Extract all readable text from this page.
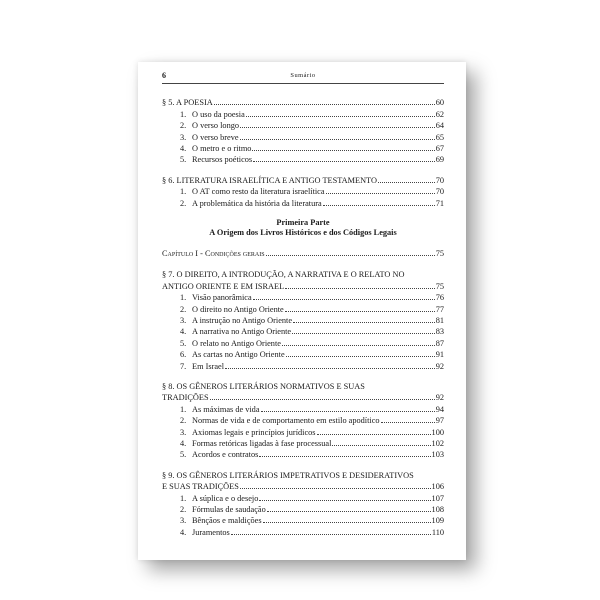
6	Sumário
§ 5. A POESIA	60
1. O uso da poesia	62
2. O verso longo	64
3. O verso breve	65
4. O metro e o ritmo	67
5. Recursos poéticos	69
§ 6. LITERATURA ISRAELÍTICA E ANTIGO TESTAMENTO	70
1. O AT como resto da literatura israelítica	70
2. A problemática da história da literatura	71
Primeira Parte
A Origem dos Livros Históricos e dos Códigos Legais
Capítulo I - Condições gerais	75
§ 7. O DIREITO, A INTRODUÇÃO, A NARRATIVA E O RELATO NO
ANTIGO ORIENTE E EM ISRAEL	75
1. Visão panorâmica	76
2. O direito no Antigo Oriente	77
3. A instrução no Antigo Oriente	81
4. A narrativa no Antigo Oriente	83
5. O relato no Antigo Oriente	87
6. As cartas no Antigo Oriente	91
7. Em Israel	92
§ 8. OS GÊNEROS LITERÁRIOS NORMATIVOS E SUAS
TRADIÇÕES	92
1. As máximas de vida	94
2. Normas de vida e de comportamento em estilo apodítico	97
3. Axiomas legais e princípios jurídicos	100
4. Formas retóricas ligadas à fase processual	102
5. Acordos e contratos	103
§ 9. OS GÊNEROS LITERÁRIOS IMPETRATIVOS E DESIDERATIVOS
E SUAS TRADIÇÕES	106
1. A súplica e o desejo	107
2. Fórmulas de saudação	108
3. Bênçãos e maldições	109
4. Juramentos	110
